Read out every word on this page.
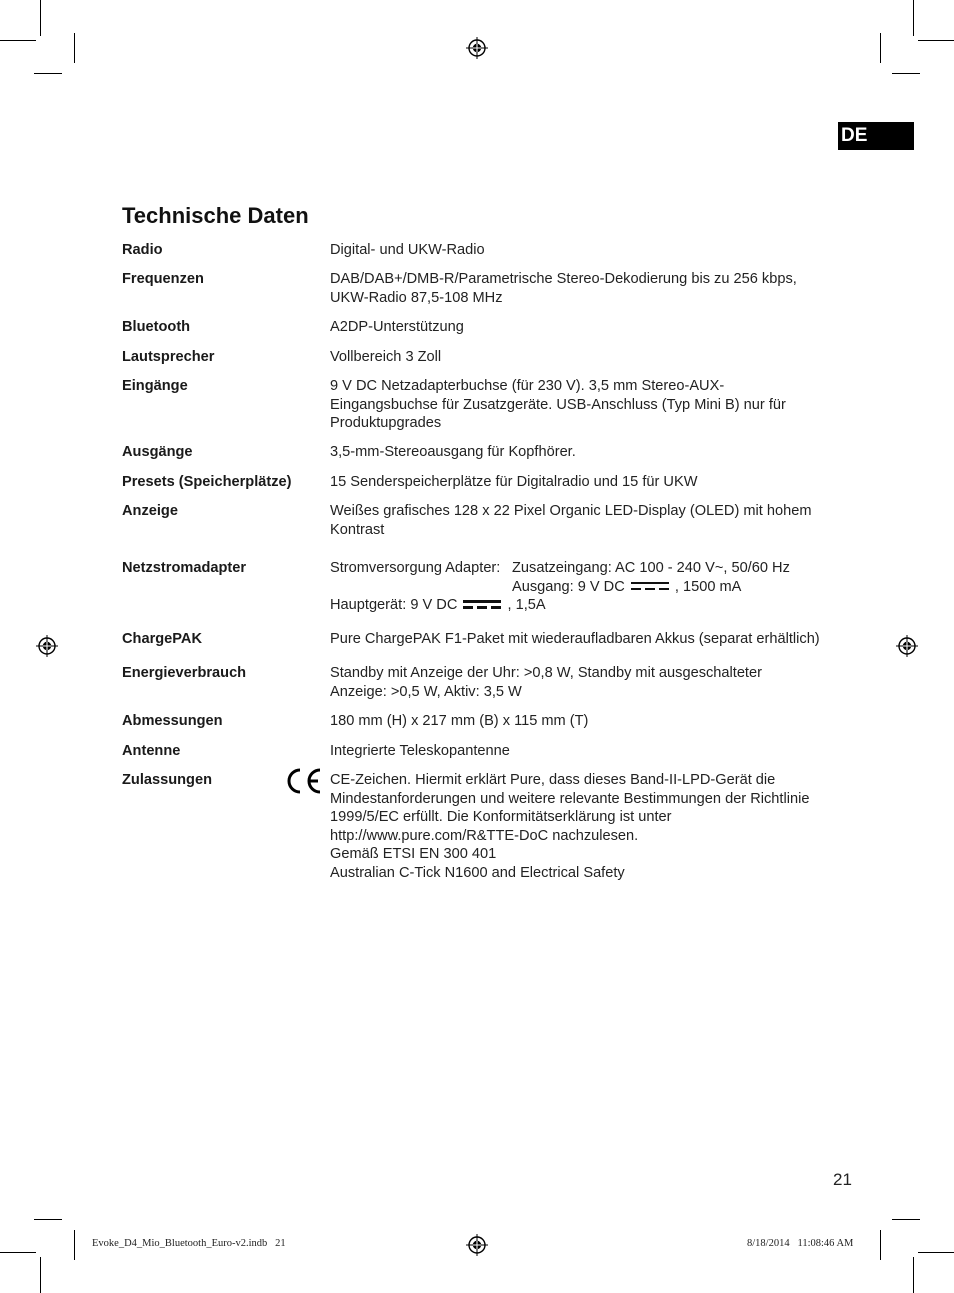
DE
Technische Daten
Radio	Digital- und UKW-Radio
Frequenzen	DAB/DAB+/DMB-R/Parametrische Stereo-Dekodierung bis zu 256 kbps,
UKW-Radio 87,5-108 MHz
Bluetooth	A2DP-Unterstützung
Lautsprecher	Vollbereich 3 Zoll
Eingänge	9 V DC Netzadapterbuchse (für 230 V). 3,5 mm Stereo-AUX-
Eingangsbuchse für Zusatzgeräte. USB-Anschluss (Typ Mini B) nur für
Produktupgrades
Ausgänge	3,5-mm-Stereoausgang für Kopfhörer.
Presets (Speicherplätze)	15 Senderspeicherplätze für Digitalradio und 15 für UKW
Anzeige	Weißes grafisches 128 x 22 Pixel Organic LED-Display (OLED) mit hohem
Kontrast
Netzstromadapter	Stromversorgung Adapter: Zusatzeingang: AC 100 - 240 V~, 50/60 Hz
Ausgang: 9 V DC	, 1500 mA
Hauptgerät: 9 V DC	, 1,5A
ChargePAK	Pure ChargePAK F1-Paket mit wiederaufladbaren Akkus (separat erhältlich)
Energieverbrauch	Standby mit Anzeige der Uhr: >0,8 W, Standby mit ausgeschalteter
Anzeige: >0,5 W, Aktiv: 3,5 W
Abmessungen	180 mm (H) x 217 mm (B) x 115 mm (T)
Antenne	Integrierte Teleskopantenne
Zulassungen	CE-Zeichen. Hiermit erklärt Pure, dass dieses Band-II-LPD-Gerät die
Mindestanforderungen und weitere relevante Bestimmungen der Richtlinie
1999/5/EC erfüllt. Die Konformitätserklärung ist unter
http://www.pure.com/R&TTE-DoC nachzulesen.
Gemäß ETSI EN 300 401
Australian C-Tick N1600 and Electrical Safety
21
Evoke_D4_Mio_Bluetooth_Euro-v2.indb   21	8/18/2014   11:08:46 AM
